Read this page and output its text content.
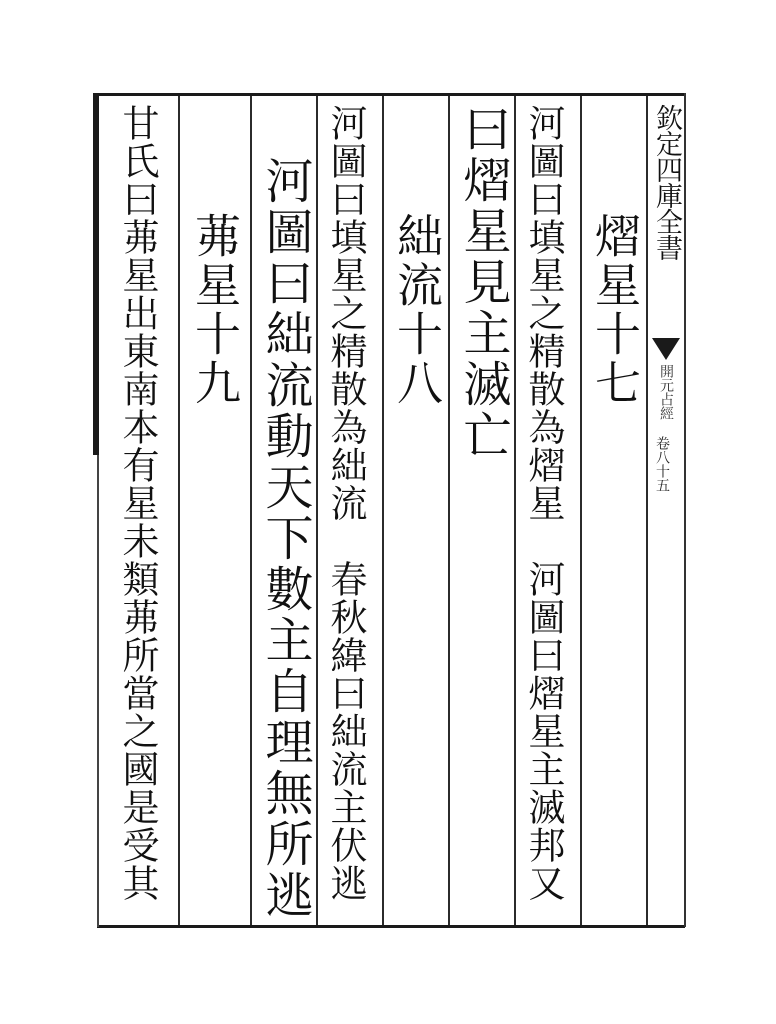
欽定四庫全書
開元占經
卷八十五
熠星十七
河圖曰填星之精散為熠星　河圖曰熠星主滅邦又
曰熠星見主滅亡
絀流十八
河圖曰填星之精散為絀流　春秋緯曰絀流主伏逃
河圖曰絀流動天下數主自理無所逃
茀星十九
甘氏曰茀星出東南本有星未類茀所當之國是受其
